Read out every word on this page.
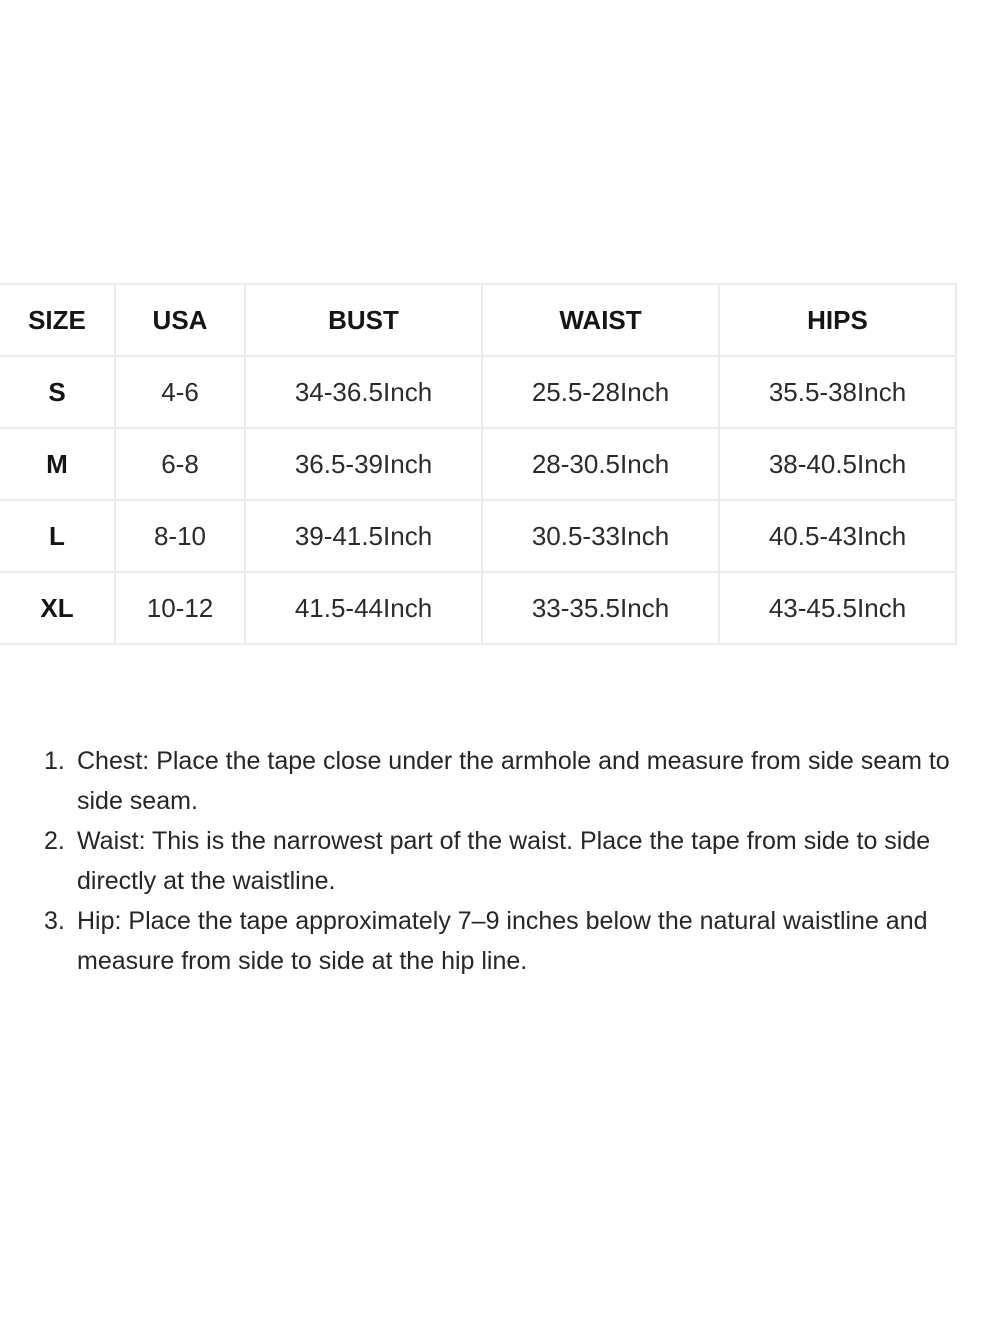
SIZE	USA	BUST	WAIST	HIPS
S	4-6	34-36.5Inch	25.5-28Inch	35.5-38Inch
M	6-8	36.5-39Inch	28-30.5Inch	38-40.5Inch
L	8-10	39-41.5Inch	30.5-33Inch	40.5-43Inch
XL	10-12	41.5-44Inch	33-35.5Inch	43-45.5Inch
1. Chest: Place the tape close under the armhole and measure from side seam to side seam.
2. Waist: This is the narrowest part of the waist. Place the tape from side to side directly at the waistline.
3. Hip: Place the tape approximately 7–9 inches below the natural waistline and measure from side to side at the hip line.
